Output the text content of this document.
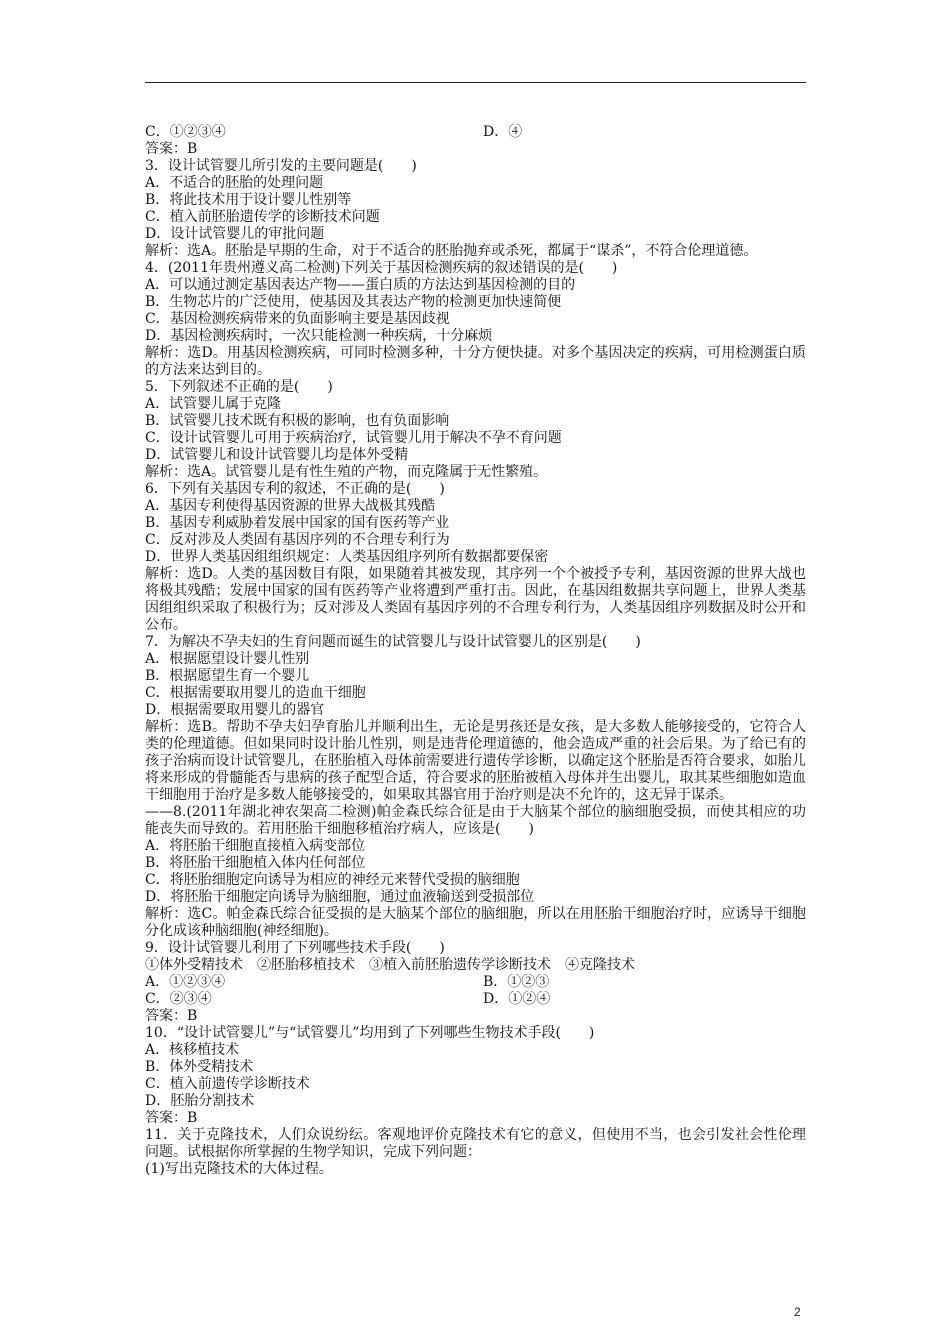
C．①②③④	D．④
答案：B
3．设计试管婴儿所引发的主要问题是(　　)
A．不适合的胚胎的处理问题
B．将此技术用于设计婴儿性别等
C．植入前胚胎遗传学的诊断技术问题
D．设计试管婴儿的审批问题
解析：选A。胚胎是早期的生命，对于不适合的胚胎抛弃或杀死，都属于“谋杀”，不符合伦理道德。
4．(2011年贵州遵义高二检测)下列关于基因检测疾病的叙述错误的是(　　)
A．可以通过测定基因表达产物——蛋白质的方法达到基因检测的目的
B．生物芯片的广泛使用，使基因及其表达产物的检测更加快速简便
C．基因检测疾病带来的负面影响主要是基因歧视
D．基因检测疾病时，一次只能检测一种疾病，十分麻烦
解析：选D。用基因检测疾病，可同时检测多种，十分方便快捷。对多个基因决定的疾病，可用检测蛋白质的方法来达到目的。
5．下列叙述不正确的是(　　)
A．试管婴儿属于克隆
B．试管婴儿技术既有积极的影响，也有负面影响
C．设计试管婴儿可用于疾病治疗，试管婴儿用于解决不孕不育问题
D．试管婴儿和设计试管婴儿均是体外受精
解析：选A。试管婴儿是有性生殖的产物，而克隆属于无性繁殖。
6．下列有关基因专利的叙述，不正确的是(　　)
A．基因专利使得基因资源的世界大战极其残酷
B．基因专利威胁着发展中国家的国有医药等产业
C．反对涉及人类固有基因序列的不合理专利行为
D．世界人类基因组组织规定：人类基因组序列所有数据都要保密
解析：选D。人类的基因数目有限，如果随着其被发现，其序列一个个被授予专利，基因资源的世界大战也将极其残酷；发展中国家的国有医药等产业将遭到严重打击。因此，在基因组数据共享问题上，世界人类基因组组织采取了积极行为；反对涉及人类固有基因序列的不合理专利行为，人类基因组序列数据及时公开和公布。
7．为解决不孕夫妇的生育问题而诞生的试管婴儿与设计试管婴儿的区别是(　　)
A．根据愿望设计婴儿性别
B．根据愿望生育一个婴儿
C．根据需要取用婴儿的造血干细胞
D．根据需要取用婴儿的器官
解析：选B。帮助不孕夫妇孕育胎儿并顺利出生，无论是男孩还是女孩，是大多数人能够接受的，它符合人类的伦理道德。但如果同时设计胎儿性别，则是违背伦理道德的，他会造成严重的社会后果。为了给已有的孩子治病而设计试管婴儿，在胚胎植入母体前需要进行遗传学诊断，以确定这个胚胎是否符合要求，如胎儿将来形成的骨髓能否与患病的孩子配型合适，符合要求的胚胎被植入母体并生出婴儿，取其某些细胞如造血干细胞用于治疗是多数人能够接受的，如果取其器官用于治疗则是决不允许的，这无异于谋杀。
——8.(2011年湖北神农架高二检测)帕金森氏综合征是由于大脑某个部位的脑细胞受损，而使其相应的功能丧失而导致的。若用胚胎干细胞移植治疗病人，应该是(　　)
A．将胚胎干细胞直接植入病变部位
B．将胚胎干细胞植入体内任何部位
C．将胚胎细胞定向诱导为相应的神经元来替代受损的脑细胞
D．将胚胎干细胞定向诱导为脑细胞，通过血液输送到受损部位
解析：选C。帕金森氏综合征受损的是大脑某个部位的脑细胞，所以在用胚胎干细胞治疗时，应诱导干细胞分化成该种脑细胞(神经细胞)。
9．设计试管婴儿利用了下列哪些技术手段(　　)
①体外受精技术　②胚胎移植技术　③植入前胚胎遗传学诊断技术　④克隆技术
A．①②③④	B．①②③
C．②③④	D．①②④
答案：B
10．“设计试管婴儿”与“试管婴儿”均用到了下列哪些生物技术手段(　　)
A．核移植技术
B．体外受精技术
C．植入前遗传学诊断技术
D．胚胎分割技术
答案：B
11．关于克隆技术，人们众说纷纭。客观地评价克隆技术有它的意义，但使用不当，也会引发社会性伦理问题。试根据你所掌握的生物学知识，完成下列问题：
(1)写出克隆技术的大体过程。
2
